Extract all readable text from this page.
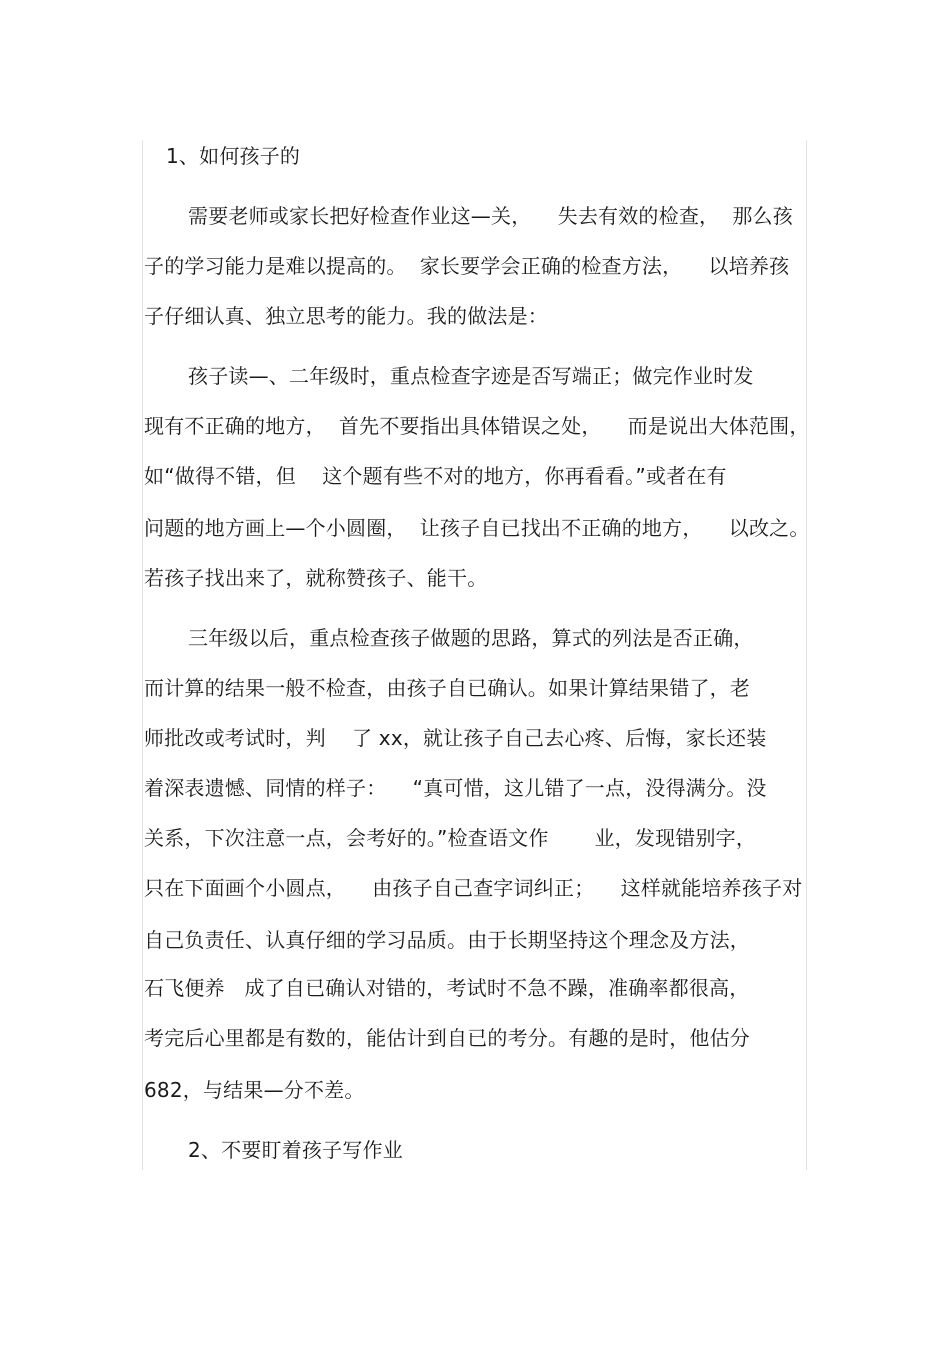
1、如何孩子的
需要老师或家长把好检查作业这—关，    失去有效的检查，  那么孩
子的学习能力是难以提高的。  家长要学会正确的检查方法，    以培养孩
子仔细认真、独立思考的能力。我的做法是：
孩子读—、二年级时，重点检查字迹是否写端正；做完作业时发
现有不正确的地方，  首先不要指出具体错误之处，    而是说出大体范围，
如“做得不错，但    这个题有些不对的地方，你再看看。”或者在有
问题的地方画上—个小圆圈，  让孩子自已找出不正确的地方，    以改之。
若孩子找出来了，就称赞孩子、能干。
三年级以后，重点检查孩子做题的思路，算式的列法是否正确，
而计算的结果一般不检查，由孩子自已确认。如果计算结果错了，老
师批改或考试时，判    了 xx，就让孩子自己去心疼、后悔，家长还装
着深表遗憾、同情的样子：    “真可惜，这儿错了一点，没得满分。没
关系，下次注意一点，会考好的。”检查语文作       业，发现错别字，
只在下面画个小圆点，    由孩子自己查字词纠正；    这样就能培养孩子对
自己负责任、认真仔细的学习品质。由于长期坚持这个理念及方法，
石飞便养   成了自已确认对错的，考试时不急不躁，准确率都很高，
考完后心里都是有数的，能估计到自已的考分。有趣的是时，他估分
682，与结果—分不差。
2、不要盯着孩子写作业
